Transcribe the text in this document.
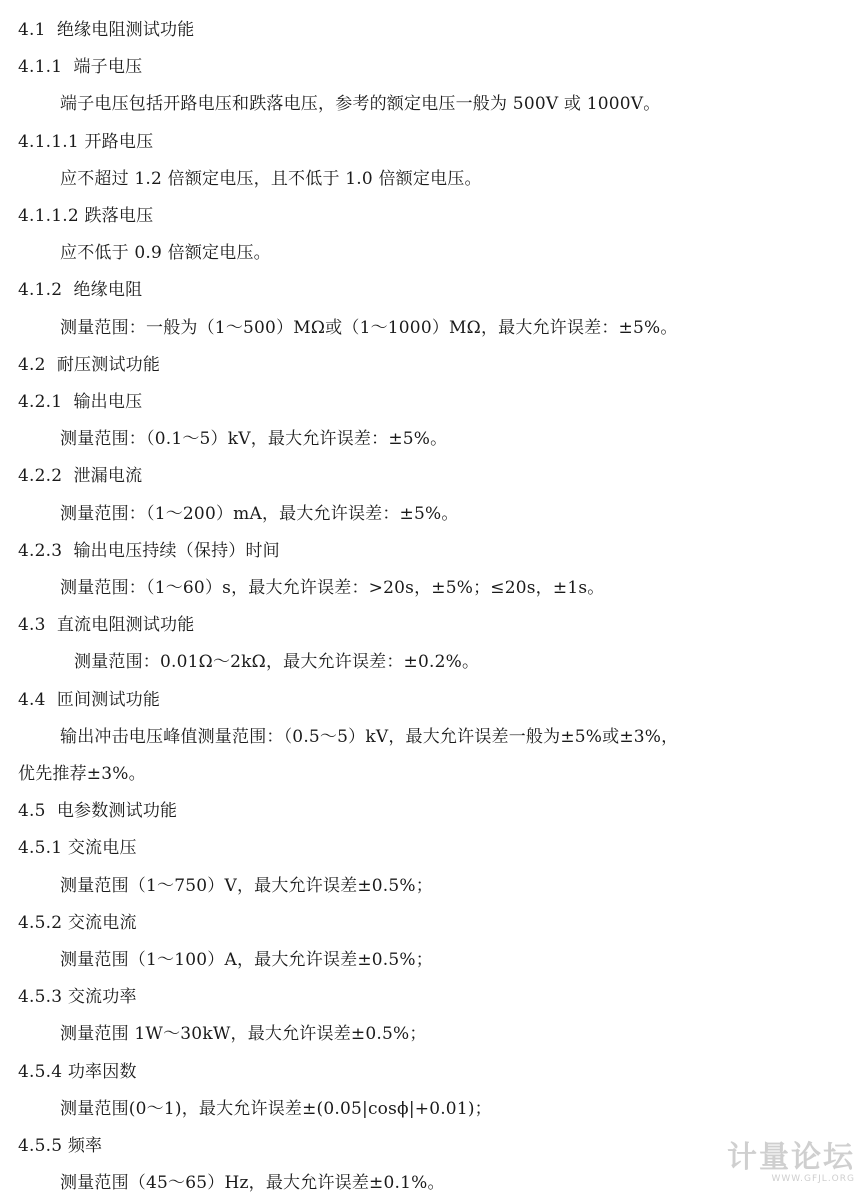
4.1  绝缘电阻测试功能
4.1.1  端子电压
端子电压包括开路电压和跌落电压，参考的额定电压一般为 500V 或 1000V。
4.1.1.1 开路电压
应不超过 1.2 倍额定电压，且不低于 1.0 倍额定电压。
4.1.1.2 跌落电压
应不低于 0.9 倍额定电压。
4.1.2  绝缘电阻
测量范围：一般为（1～500）MΩ或（1～1000）MΩ，最大允许误差：±5%。
4.2  耐压测试功能
4.2.1  输出电压
测量范围：（0.1～5）kV，最大允许误差：±5%。
4.2.2  泄漏电流
测量范围：（1～200）mA，最大允许误差：±5%。
4.2.3  输出电压持续（保持）时间
测量范围：（1～60）s，最大允许误差：>20s，±5%；≤20s，±1s。
4.3  直流电阻测试功能
测量范围：0.01Ω～2kΩ，最大允许误差：±0.2%。
4.4  匝间测试功能
输出冲击电压峰值测量范围：（0.5～5）kV，最大允许误差一般为±5%或±3%，
优先推荐±3%。
4.5  电参数测试功能
4.5.1 交流电压
测量范围（1～750）V，最大允许误差±0.5%；
4.5.2 交流电流
测量范围（1～100）A，最大允许误差±0.5%；
4.5.3 交流功率
测量范围 1W～30kW，最大允许误差±0.5%；
4.5.4 功率因数
测量范围(0～1)，最大允许误差±(0.05|cosϕ|+0.01)；
4.5.5 频率
测量范围（45～65）Hz，最大允许误差±0.1%。
计量论坛
WWW.GFJL.ORG
